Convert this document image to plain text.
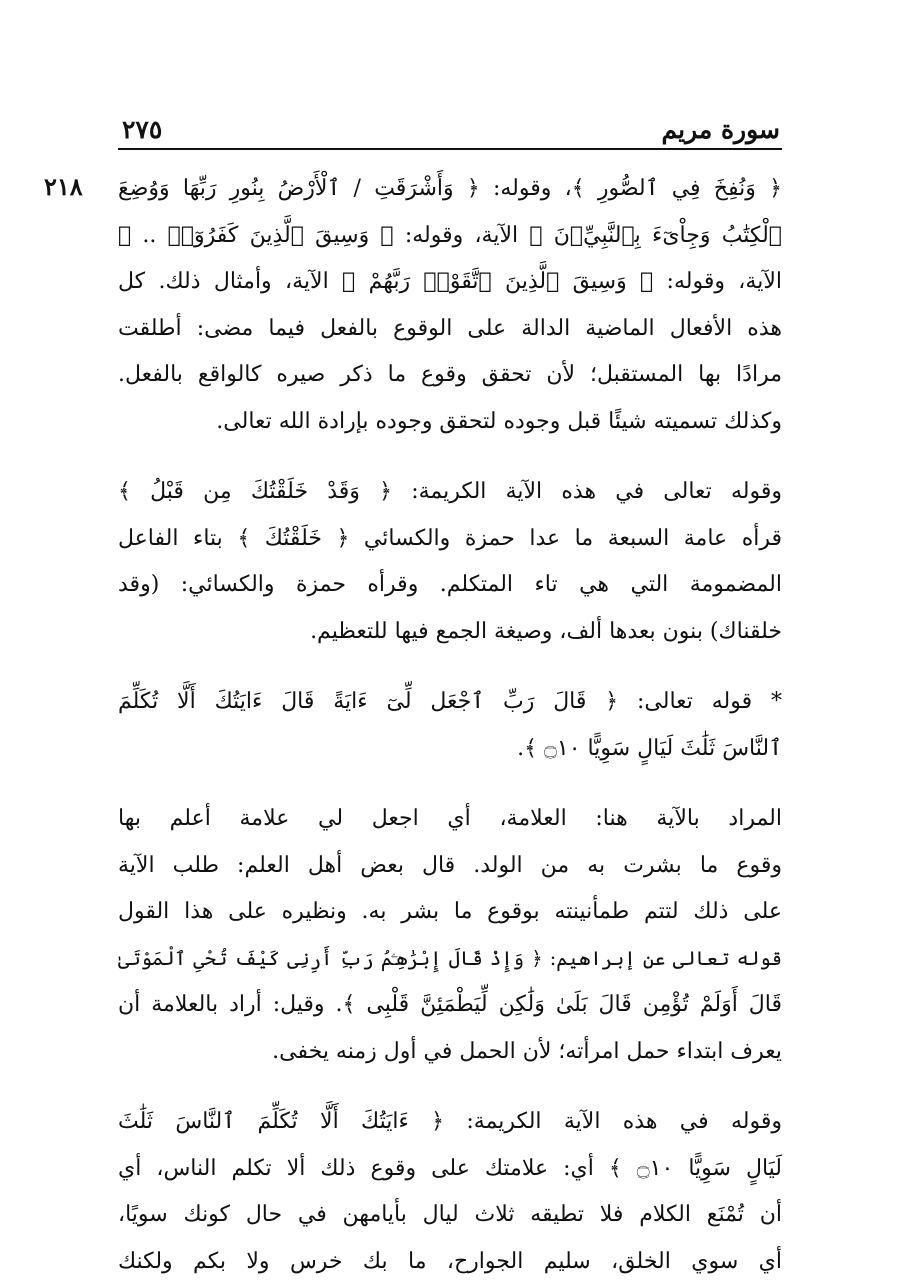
سورة مريم
٢٧٥
٢١٨ ﴿ وَنُفِخَ فِي ٱلصُّورِ ﴾، وقوله: ﴿ وَأَشْرَقَتِ / ٱلْأَرْضُ بِنُورِ رَبِّهَا وَوُضِعَ
ٱلْكِتَٰبُ وَجِاْىٓءَ بِٱلنَّبِيِّۦنَ ﴾ الآية، وقوله: ﴿ وَسِيقَ ٱلَّذِينَ كَفَرُوٓا۟ .. ﴾
الآية، وقوله: ﴿ وَسِيقَ ٱلَّذِينَ ٱتَّقَوْا۟ رَبَّهُمْ ﴾ الآية، وأمثال ذلك. كل
هذه الأفعال الماضية الدالة على الوقوع بالفعل فيما مضى: أطلقت
مرادًا بها المستقبل؛ لأن تحقق وقوع ما ذكر صيره كالواقع بالفعل.
وكذلك تسميته شيئًا قبل وجوده لتحقق وجوده بإرادة الله تعالى.
وقوله تعالى في هذه الآية الكريمة: ﴿ وَقَدْ خَلَقْتُكَ مِن قَبْلُ ﴾
قرأه عامة السبعة ما عدا حمزة والكسائي ﴿ خَلَقْتُكَ ﴾ بتاء الفاعل
المضمومة التي هي تاء المتكلم. وقرأه حمزة والكسائي: (وقد
خلقناك) بنون بعدها ألف، وصيغة الجمع فيها للتعظيم.
* قوله تعالى: ﴿ قَالَ رَبِّ ٱجْعَل لِّىٓ ءَايَةً قَالَ ءَايَتُكَ أَلَّا تُكَلِّمَ
ٱلنَّاسَ ثَلَٰثَ لَيَالٍ سَوِيًّا ۝١٠ ﴾.
المراد بالآية هنا: العلامة، أي اجعل لي علامة أعلم بها
وقوع ما بشرت به من الولد. قال بعض أهل العلم: طلب الآية
على ذلك لتتم طمأنينته بوقوع ما بشر به. ونظيره على هذا القول
قوله تعالى عن إبراهيم: ﴿ وَإِذْ قَالَ إِبْرَٰهِـۧمُ رَبِّ أَرِنِى كَيْفَ تُحْىِ ٱلْمَوْتَىٰ
قَالَ أَوَلَمْ تُؤْمِن قَالَ بَلَىٰ وَلَٰكِن لِّيَطْمَئِنَّ قَلْبِى ﴾. وقيل: أراد بالعلامة أن
يعرف ابتداء حمل امرأته؛ لأن الحمل في أول زمنه يخفى.
وقوله في هذه الآية الكريمة: ﴿ ءَايَتُكَ أَلَّا تُكَلِّمَ ٱلنَّاسَ ثَلَٰثَ
لَيَالٍ سَوِيًّا ۝١٠ ﴾ أي: علامتك على وقوع ذلك ألا تكلم الناس، أي
أن تُمْنَع الكلام فلا تطيقه ثلاث ليال بأيامهن في حال كونك سويًا،
أي سوي الخلق، سليم الجوارح، ما بك خرس ولا بكم ولكنك
